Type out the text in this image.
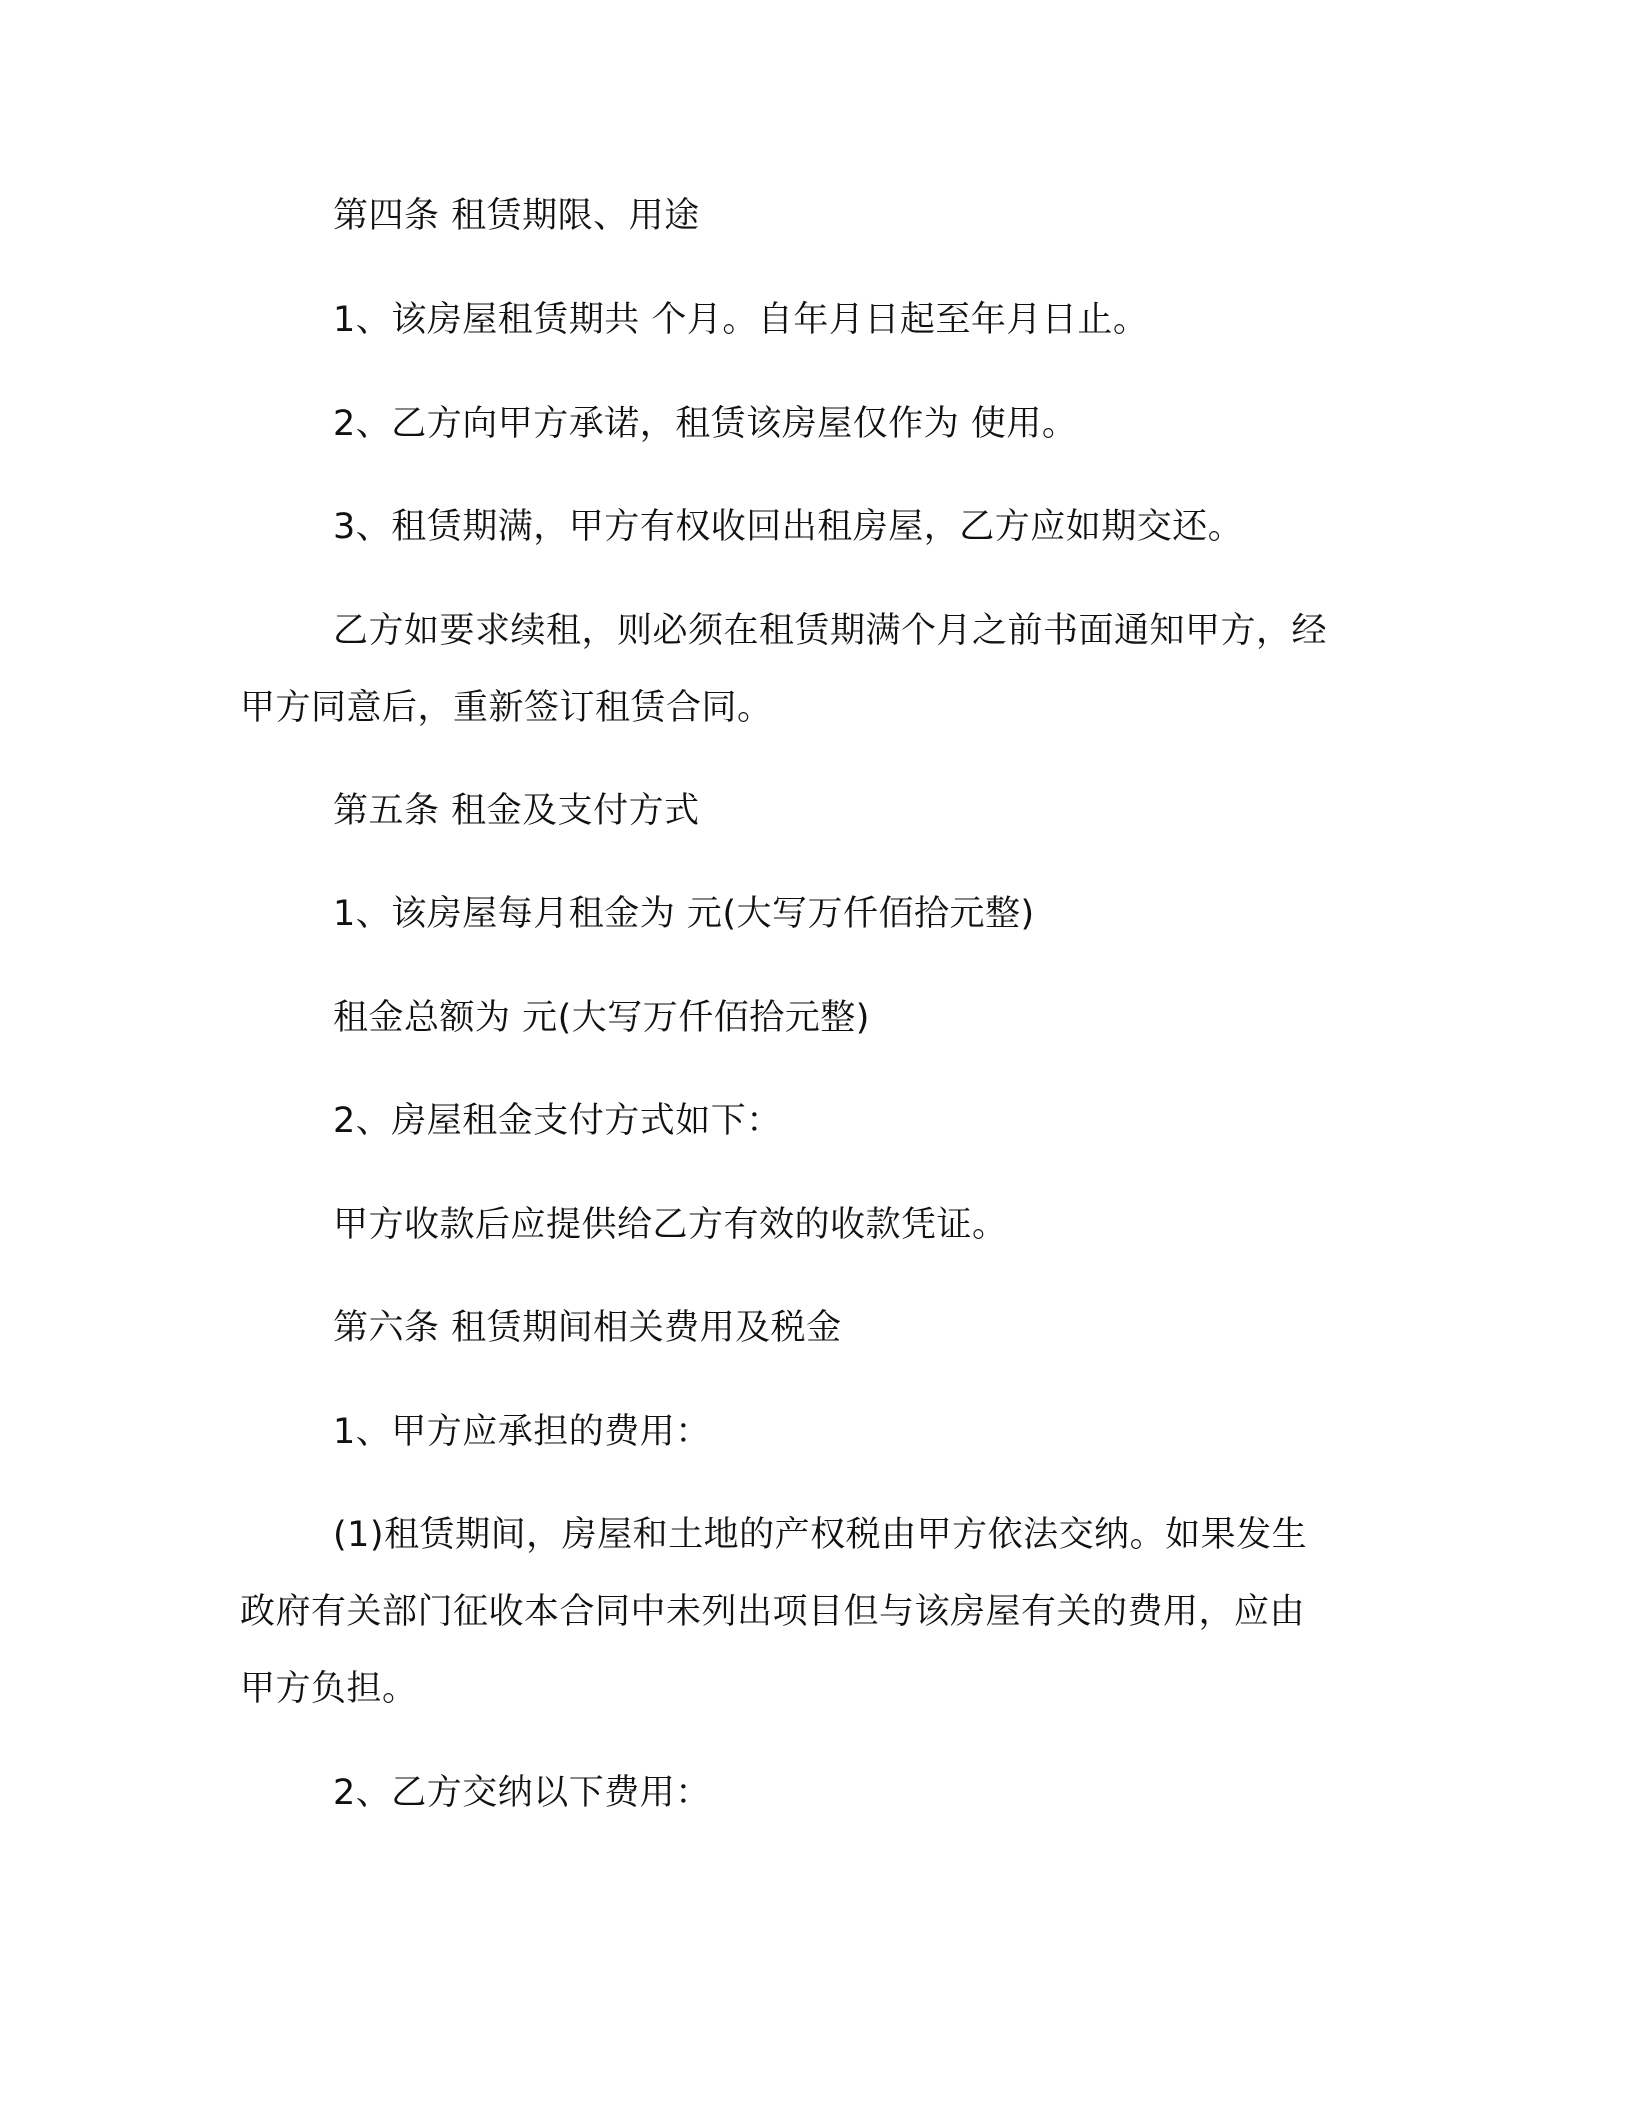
第四条 租赁期限、用途

1、该房屋租赁期共 个月。自年月日起至年月日止。

2、乙方向甲方承诺，租赁该房屋仅作为 使用。

3、租赁期满，甲方有权收回出租房屋，乙方应如期交还。

乙方如要求续租，则必须在租赁期满个月之前书面通知甲方，经

甲方同意后，重新签订租赁合同。

第五条 租金及支付方式

1、该房屋每月租金为 元(大写万仟佰拾元整)

租金总额为 元(大写万仟佰拾元整)

2、房屋租金支付方式如下：

甲方收款后应提供给乙方有效的收款凭证。

第六条 租赁期间相关费用及税金

1、甲方应承担的费用：

(1)租赁期间，房屋和土地的产权税由甲方依法交纳。如果发生

政府有关部门征收本合同中未列出项目但与该房屋有关的费用，应由

甲方负担。

2、乙方交纳以下费用：
